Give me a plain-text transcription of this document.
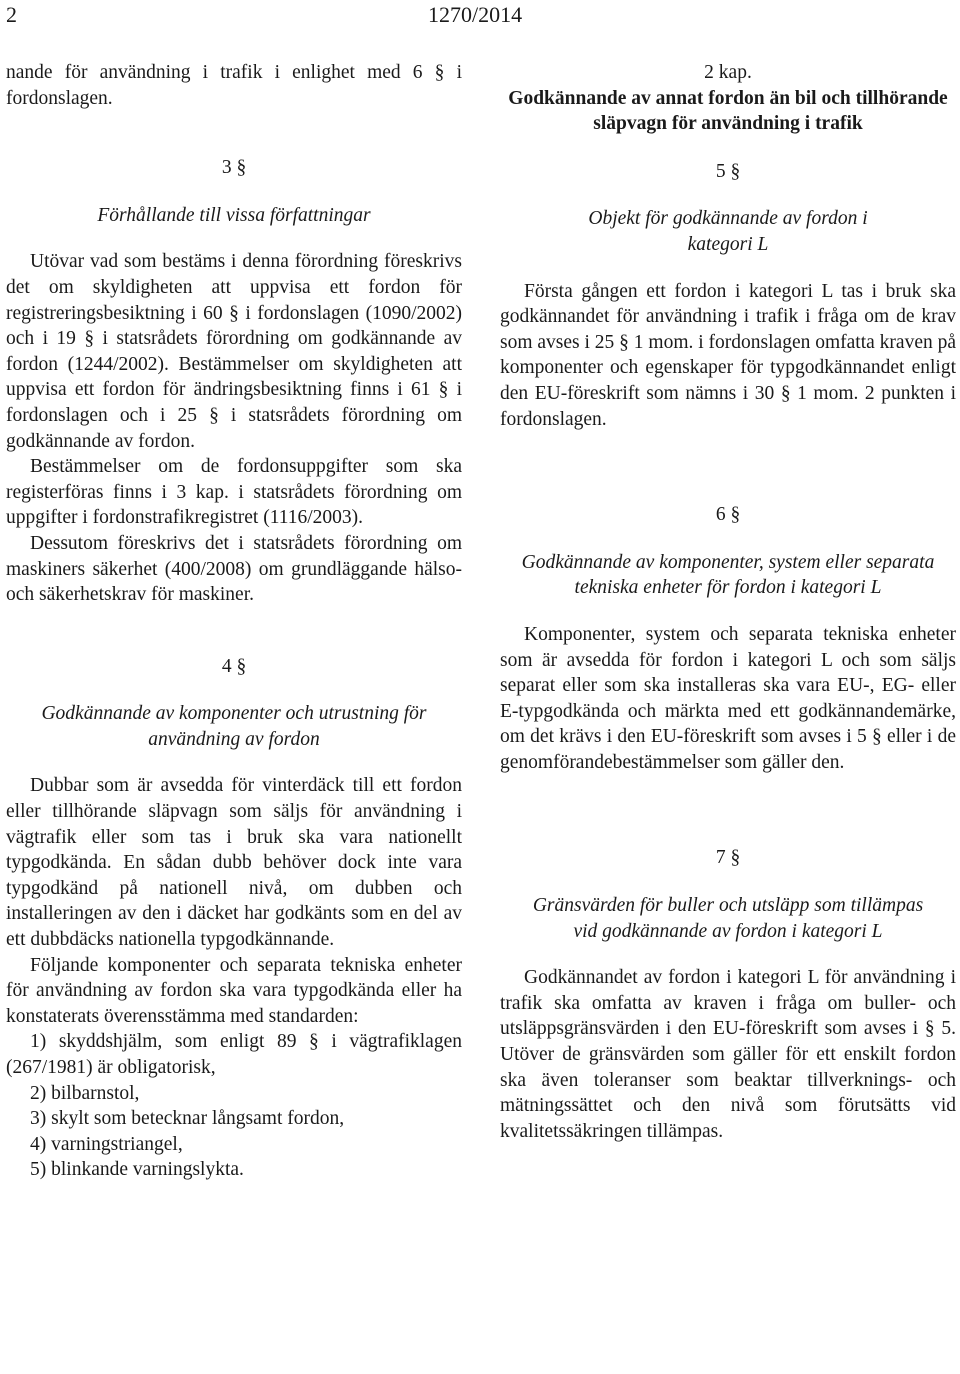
2	1270/2014

nande för användning i trafik i enlighet med 6 § i fordonslagen.

3 §
Förhållande till vissa författningar

Utövar vad som bestäms i denna förordning föreskrivs det om skyldigheten att uppvisa ett fordon för registreringsbesiktning i 60 § i fordonslagen (1090/2002) och i 19 § i statsrådets förordning om godkännande av fordon (1244/2002). Bestämmelser om skyldigheten att uppvisa ett fordon för ändringsbesiktning finns i 61 § i fordonslagen och i 25 § i statsrådets förordning om godkännande av fordon.

Bestämmelser om de fordonsuppgifter som ska registerföras finns i 3 kap. i statsrådets förordning om uppgifter i fordonstrafikregistret (1116/2003).

Dessutom föreskrivs det i statsrådets förordning om maskiners säkerhet (400/2008) om grundläggande hälso- och säkerhetskrav för maskiner.

4 §
Godkännande av komponenter och utrustning för användning av fordon

Dubbar som är avsedda för vinterdäck till ett fordon eller tillhörande släpvagn som säljs för användning i vägtrafik eller som tas i bruk ska vara nationellt typgodkända. En sådan dubb behöver dock inte vara typgodkänd på nationell nivå, om dubben och installeringen av den i däcket har godkänts som en del av ett dubbdäcks nationella typgodkännande.

Följande komponenter och separata tekniska enheter för användning av fordon ska vara typgodkända eller ha konstaterats överensstämma med standarden:

1) skyddshjälm, som enligt 89 § i vägtrafiklagen (267/1981) är obligatorisk,

2) bilbarnstol,

3) skylt som betecknar långsamt fordon,

4) varningstriangel,

5) blinkande varningslykta.

2 kap.
Godkännande av annat fordon än bil och tillhörande släpvagn för användning i trafik
5 §
Objekt för godkännande av fordon i kategori L

Första gången ett fordon i kategori L tas i bruk ska godkännandet för användning i trafik i fråga om de krav som avses i 25 § 1 mom. i fordonslagen omfatta kraven på komponenter och egenskaper för typgodkännandet enligt den EU-föreskrift som nämns i 30 § 1 mom. 2 punkten i fordonslagen.

6 §
Godkännande av komponenter, system eller separata tekniska enheter för fordon i kategori L

Komponenter, system och separata tekniska enheter som är avsedda för fordon i kategori L och som säljs separat eller som ska installeras ska vara EU-, EG- eller E-typgodkända och märkta med ett godkännandemärke, om det krävs i den EU-föreskrift som avses i 5 § eller i de genomförandebestämmelser som gäller den.

7 §
Gränsvärden för buller och utsläpp som tillämpas vid godkännande av fordon i kategori L

Godkännandet av fordon i kategori L för användning i trafik ska omfatta av kraven i fråga om buller- och utsläppsgränsvärden i den EU-föreskrift som avses i § 5. Utöver de gränsvärden som gäller för ett enskilt fordon ska även toleranser som beaktar tillverknings- och mätningssättet och den nivå som förutsätts vid kvalitetssäkringen tillämpas.
